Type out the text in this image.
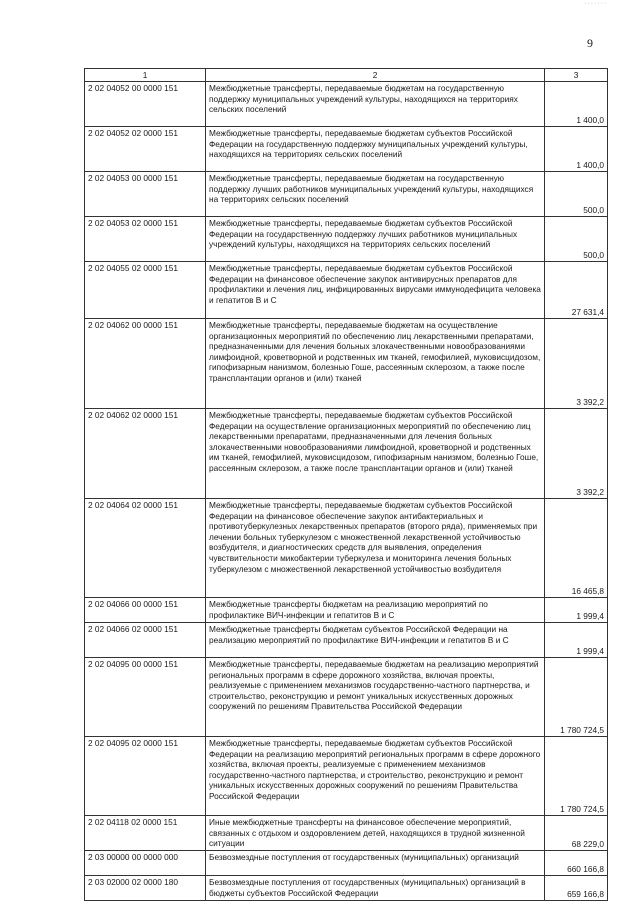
·······
9
1	2	3
2 02 04052 00 0000 151	Межбюджетные трансферты, передаваемые бюджетам на государственную поддержку муниципальных учреждений культуры, находящихся на территориях сельских поселений	1 400,0
2 02 04052 02 0000 151	Межбюджетные трансферты, передаваемые бюджетам субъектов Российской Федерации на государственную поддержку муниципальных учреждений культуры, находящихся на территориях сельских поселений	1 400,0
2 02 04053 00 0000 151	Межбюджетные трансферты, передаваемые бюджетам на государственную поддержку лучших работников муниципальных учреждений культуры, находящихся на территориях сельских поселений	500,0
2 02 04053 02 0000 151	Межбюджетные трансферты, передаваемые бюджетам субъектов Российской Федерации на государственную поддержку лучших работников муниципальных учреждений культуры, находящихся на территориях сельских поселений	500,0
2 02 04055 02 0000 151	Межбюджетные трансферты, передаваемые бюджетам субъектов Российской Федерации на финансовое обеспечение закупок антивирусных препаратов для профилактики и лечения лиц, инфицированных вирусами иммунодефицита человека и гепатитов В и С	27 631,4
2 02 04062 00 0000 151	Межбюджетные трансферты, передаваемые бюджетам на осуществление организационных мероприятий по обеспечению лиц лекарственными препаратами, предназначенными для лечения больных злокачественными новообразованиями лимфоидной, кроветворной и родственных им тканей, гемофилией, муковисцидозом, гипофизарным нанизмом, болезнью Гоше, рассеянным склерозом, а также после трансплантации органов и (или) тканей	3 392,2
2 02 04062 02 0000 151	Межбюджетные трансферты, передаваемые бюджетам субъектов Российской Федерации на осуществление организационных мероприятий по обеспечению лиц лекарственными препаратами, предназначенными для лечения больных злокачественными новообразованиями лимфоидной, кроветворной и родственных им тканей, гемофилией, муковисцидозом, гипофизарным нанизмом, болезнью Гоше, рассеянным склерозом, а также после трансплантации органов и (или) тканей	3 392,2
2 02 04064 02 0000 151	Межбюджетные трансферты, передаваемые бюджетам субъектов Российской Федерации на финансовое обеспечение закупок антибактериальных и противотуберкулезных лекарственных препаратов (второго ряда), применяемых при лечении больных туберкулезом с множественной лекарственной устойчивостью возбудителя, и диагностических средств для выявления, определения чувствительности микобактерии туберкулеза и мониторинга лечения больных туберкулезом с множественной лекарственной устойчивостью возбудителя	16 465,8
2 02 04066 00 0000 151	Межбюджетные трансферты бюджетам на реализацию мероприятий по профилактике ВИЧ-инфекции и гепатитов В и С	1 999,4
2 02 04066 02 0000 151	Межбюджетные трансферты бюджетам субъектов Российской Федерации на реализацию мероприятий по профилактике ВИЧ-инфекции и гепатитов В и С	1 999,4
2 02 04095 00 0000 151	Межбюджетные трансферты, передаваемые бюджетам на реализацию мероприятий региональных программ в сфере дорожного хозяйства, включая проекты, реализуемые с применением механизмов государственно-частного партнерства, и строительство, реконструкцию и ремонт уникальных искусственных дорожных сооружений по решениям Правительства Российской Федерации	1 780 724,5
2 02 04095 02 0000 151	Межбюджетные трансферты, передаваемые бюджетам субъектов Российской Федерации на реализацию мероприятий региональных программ в сфере дорожного хозяйства, включая проекты, реализуемые с применением механизмов государственно-частного партнерства, и строительство, реконструкцию и ремонт уникальных искусственных дорожных сооружений по решениям Правительства Российской Федерации	1 780 724,5
2 02 04118 02 0000 151	Иные межбюджетные трансферты на финансовое обеспечение мероприятий, связанных с отдыхом и оздоровлением детей, находящихся в трудной жизненной ситуации	68 229,0
2 03 00000 00 0000 000	Безвозмездные поступления от государственных (муниципальных) организаций	660 166,8
2 03 02000 02 0000 180	Безвозмездные поступления от государственных (муниципальных) организаций в бюджеты субъектов Российской Федерации	659 166,8
